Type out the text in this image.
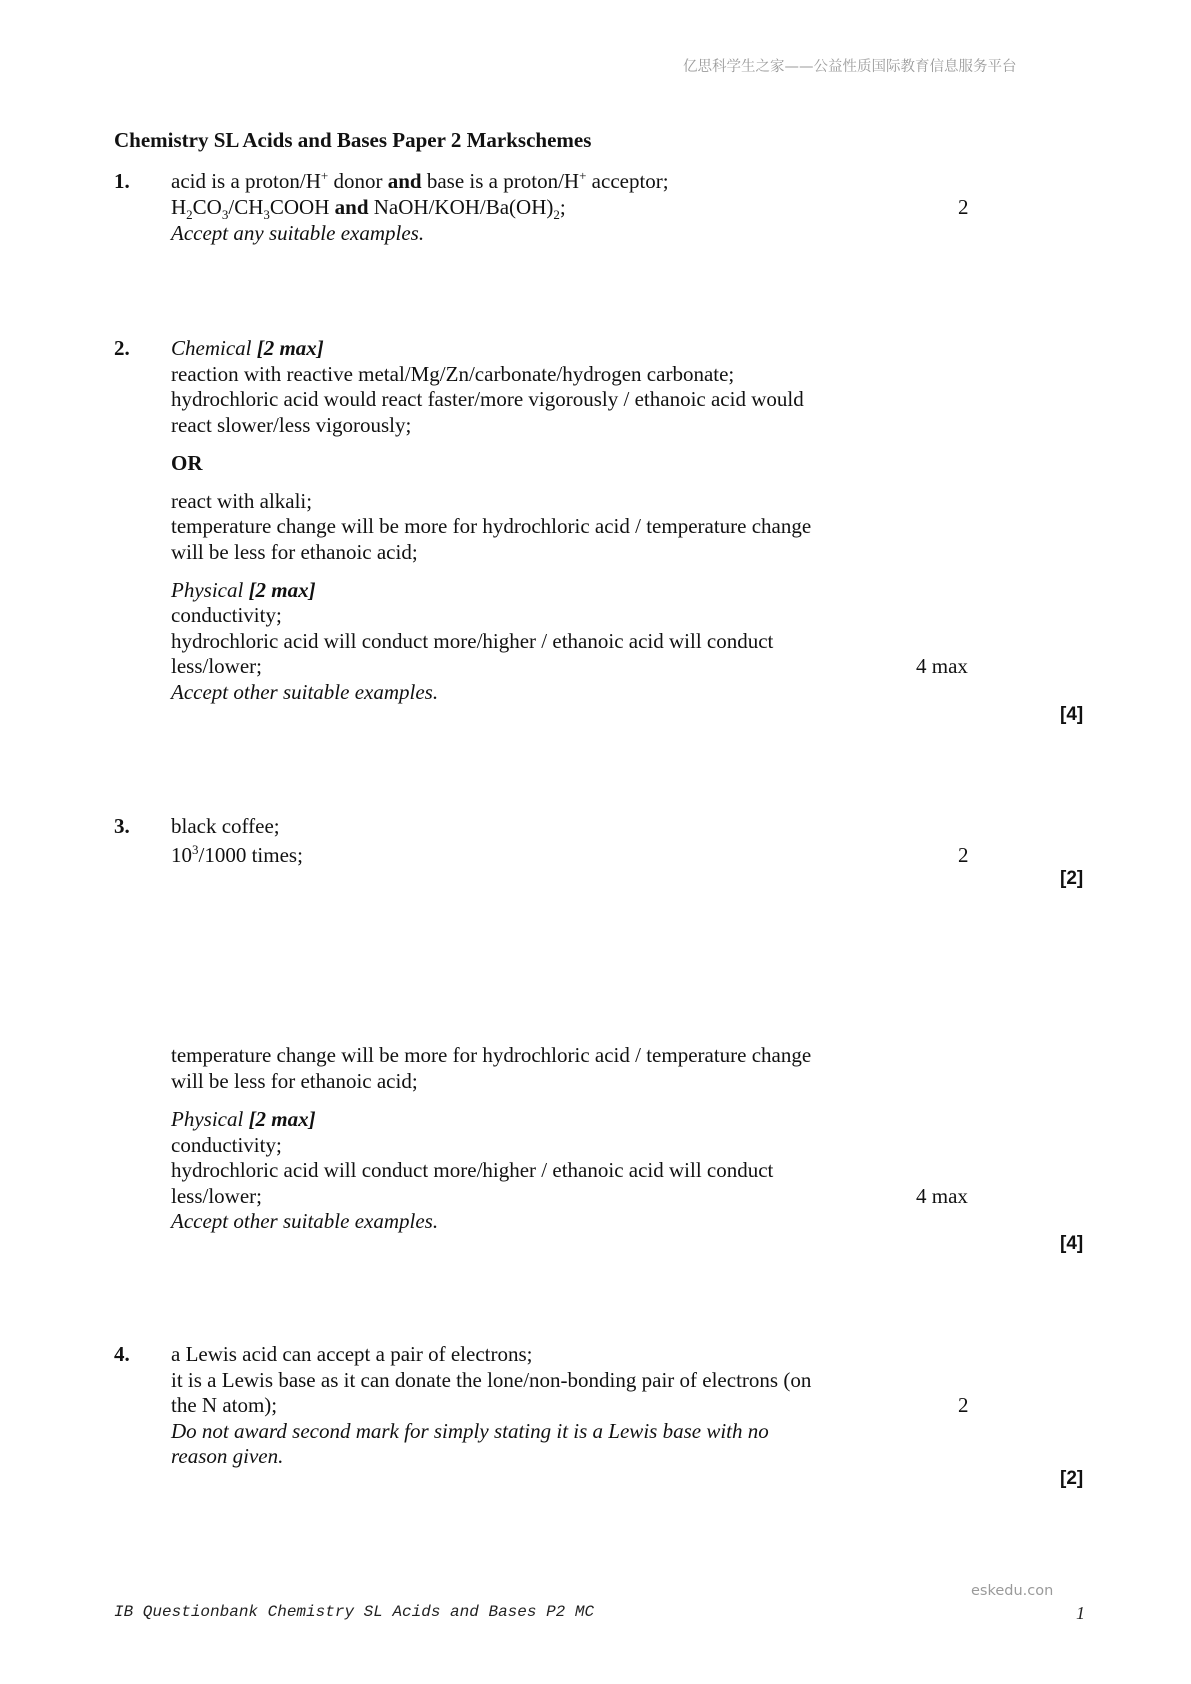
亿思科学生之家——公益性质国际教育信息服务平台
Chemistry SL Acids and Bases Paper 2 Markschemes
1. acid is a proton/H+ donor and base is a proton/H+ acceptor;
$H_2CO_3/CH_3COOH$ and NaOH/$KOH/Ba(OH)_2$;
Accept any suitable examples.
2
2. Chemical [2 max]
reaction with reactive metal/Mg/Zn/carbonate/hydrogen carbonate;
hydrochloric acid would react faster/more vigorously / ethanoic acid would
react slower/less vigorously;
OR
react with alkali;
temperature change will be more for hydrochloric acid / temperature change
will be less for ethanoic acid;
Physical [2 max]
conductivity;
hydrochloric acid will conduct more/higher / ethanoic acid will conduct
less/lower;
Accept other suitable examples.
4 max
[4]
3. black coffee;
$10^3/1000$ times;	2
[2]
temperature change will be more for hydrochloric acid / temperature change
will be less for ethanoic acid;
Physical [2 max]
conductivity;
hydrochloric acid will conduct more/higher / ethanoic acid will conduct
less/lower;
Accept other suitable examples.
4 max
[4]
4. a Lewis acid can accept a pair of electrons;
it is a Lewis base as it can donate the lone/non-bonding pair of electrons (on
the N atom);
Do not award second mark for simply stating it is a Lewis base with no
reason given.
2
[2]
eskedu.con
IB Questionbank Chemistry SL Acids and Bases P2 MC	1
